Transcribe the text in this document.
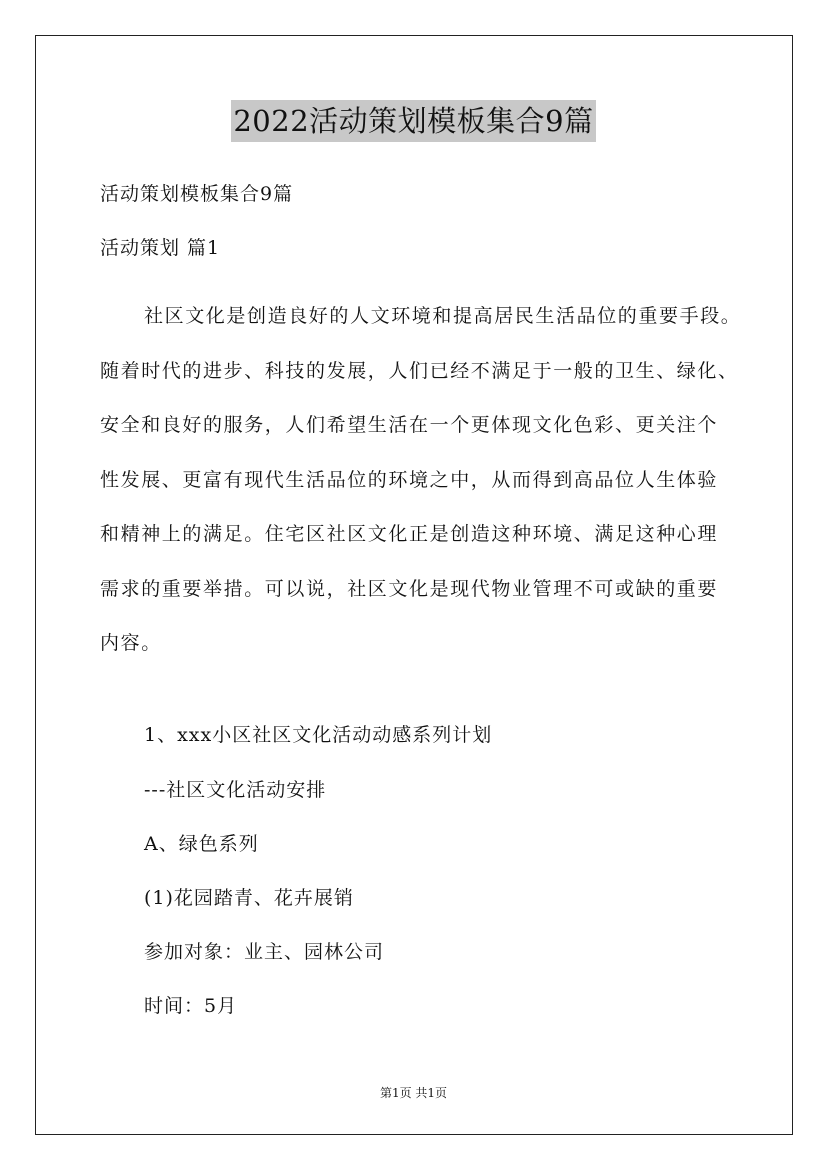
2022活动策划模板集合9篇
活动策划模板集合9篇
活动策划 篇1
社区文化是创造良好的人文环境和提高居民生活品位的重要手段。
随着时代的进步、科技的发展，人们已经不满足于一般的卫生、绿化、
安全和良好的服务，人们希望生活在一个更体现文化色彩、更关注个
性发展、更富有现代生活品位的环境之中，从而得到高品位人生体验
和精神上的满足。住宅区社区文化正是创造这种环境、满足这种心理
需求的重要举措。可以说，社区文化是现代物业管理不可或缺的重要
内容。
1、xxx小区社区文化活动动感系列计划
---社区文化活动安排
A、绿色系列
(1)花园踏青、花卉展销
参加对象：业主、园林公司
时间：5月
第1页 共1页
